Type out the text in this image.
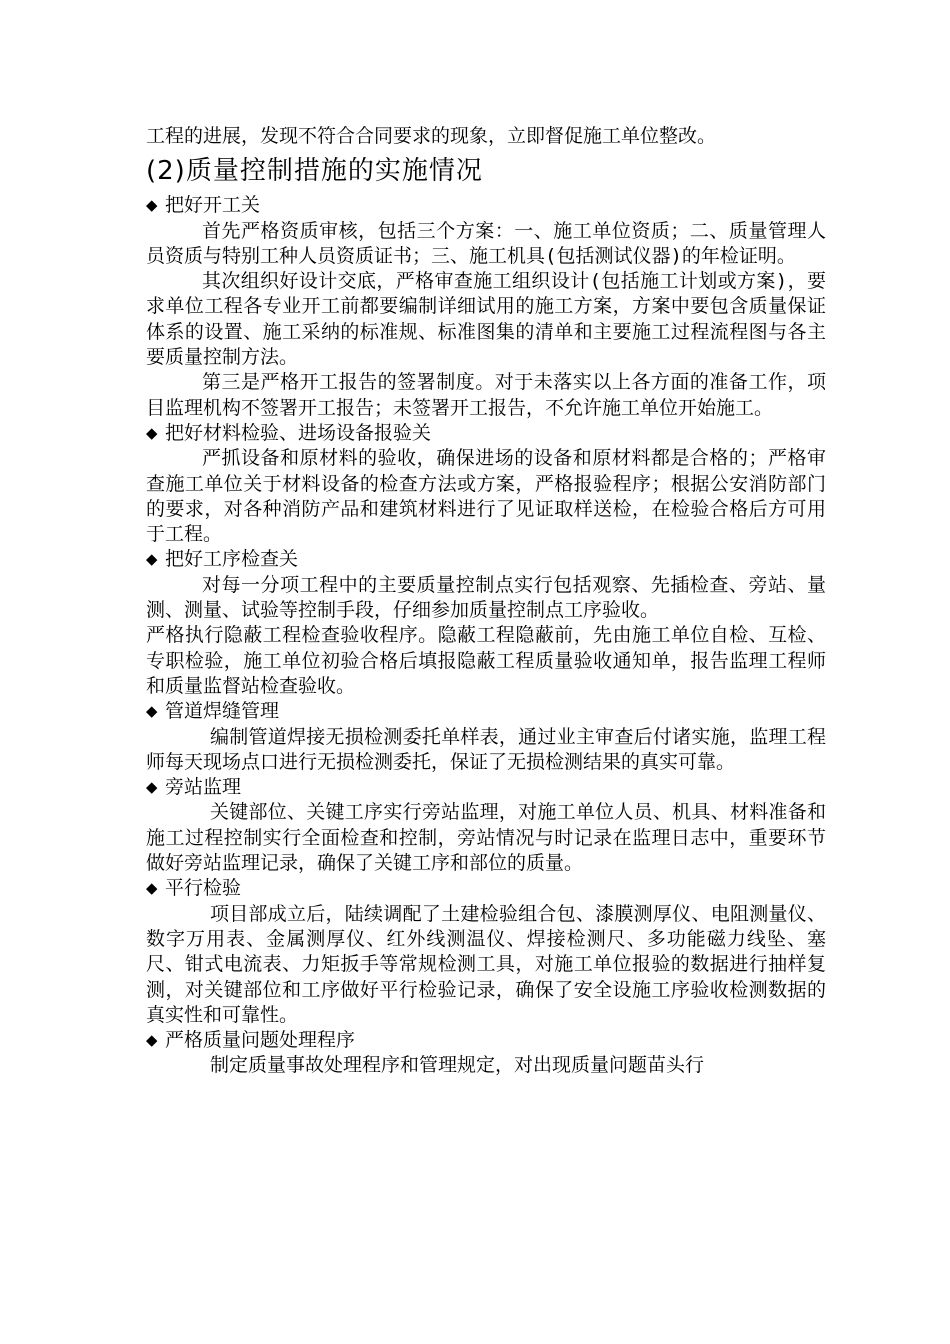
工程的进展，发现不符合合同要求的现象，立即督促施工单位整改。

(2)质量控制措施的实施情况
◆ 把好开工关

首先严格资质审核，包括三个方案：一、施工单位资质；二、质量管理人员资质与特别工种人员资质证书；三、施工机具(包括测试仪器)的年检证明。

其次组织好设计交底，严格审查施工组织设计(包括施工计划或方案)，要求单位工程各专业开工前都要编制详细试用的施工方案，方案中要包含质量保证体系的设置、施工采纳的标准规、标准图集的清单和主要施工过程流程图与各主要质量控制方法。

第三是严格开工报告的签署制度。对于未落实以上各方面的准备工作，项目监理机构不签署开工报告；未签署开工报告，不允许施工单位开始施工。

◆ 把好材料检验、进场设备报验关

严抓设备和原材料的验收，确保进场的设备和原材料都是合格的；严格审查施工单位关于材料设备的检查方法或方案，严格报验程序；根据公安消防部门的要求，对各种消防产品和建筑材料进行了见证取样送检，在检验合格后方可用于工程。

◆ 把好工序检查关

对每一分项工程中的主要质量控制点实行包括观察、先插检查、旁站、量测、测量、试验等控制手段，仔细参加质量控制点工序验收。

严格执行隐蔽工程检查验收程序。隐蔽工程隐蔽前，先由施工单位自检、互检、专职检验，施工单位初验合格后填报隐蔽工程质量验收通知单，报告监理工程师和质量监督站检查验收。

◆ 管道焊缝管理

编制管道焊接无损检测委托单样表，通过业主审查后付诸实施，监理工程师每天现场点口进行无损检测委托，保证了无损检测结果的真实可靠。

◆ 旁站监理

关键部位、关键工序实行旁站监理，对施工单位人员、机具、材料准备和施工过程控制实行全面检查和控制，旁站情况与时记录在监理日志中，重要环节做好旁站监理记录，确保了关键工序和部位的质量。

◆ 平行检验

项目部成立后，陆续调配了土建检验组合包、漆膜测厚仪、电阻测量仪、数字万用表、金属测厚仪、红外线测温仪、焊接检测尺、多功能磁力线坠、塞尺、钳式电流表、力矩扳手等常规检测工具，对施工单位报验的数据进行抽样复测，对关键部位和工序做好平行检验记录，确保了安全设施工序验收检测数据的真实性和可靠性。

◆ 严格质量问题处理程序

制定质量事故处理程序和管理规定，对出现质量问题苗头行
